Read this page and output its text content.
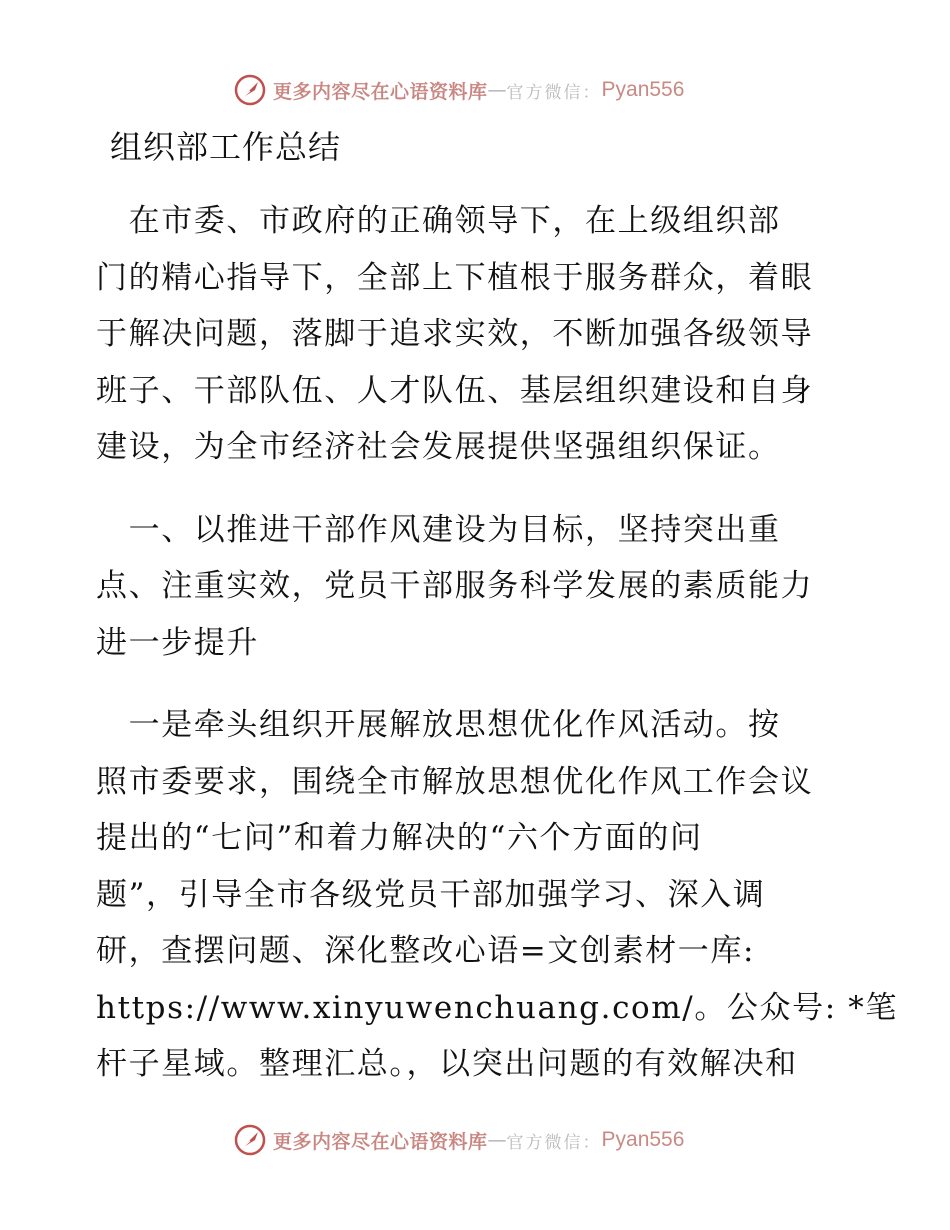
更多内容尽在心语资料库 — 官方微信： Pyan556
组织部工作总结
　在市委、市政府的正确领导下，在上级组织部
门的精心指导下，全部上下植根于服务群众，着眼
于解决问题，落脚于追求实效，不断加强各级领导
班子、干部队伍、人才队伍、基层组织建设和自身
建设，为全市经济社会发展提供坚强组织保证。
　一、以推进干部作风建设为目标，坚持突出重
点、注重实效，党员干部服务科学发展的素质能力
进一步提升
　一是牵头组织开展解放思想优化作风活动。按
照市委要求，围绕全市解放思想优化作风工作会议
提出的“七问”和着力解决的“六个方面的问
题”，引导全市各级党员干部加强学习、深入调
研，查摆问题、深化整改心语=文创素材一库:
https://www.xinyuwenchuang.com/。公众号: *笔
杆子星域。整理汇总。，以突出问题的有效解决和
更多内容尽在心语资料库 — 官方微信： Pyan556
